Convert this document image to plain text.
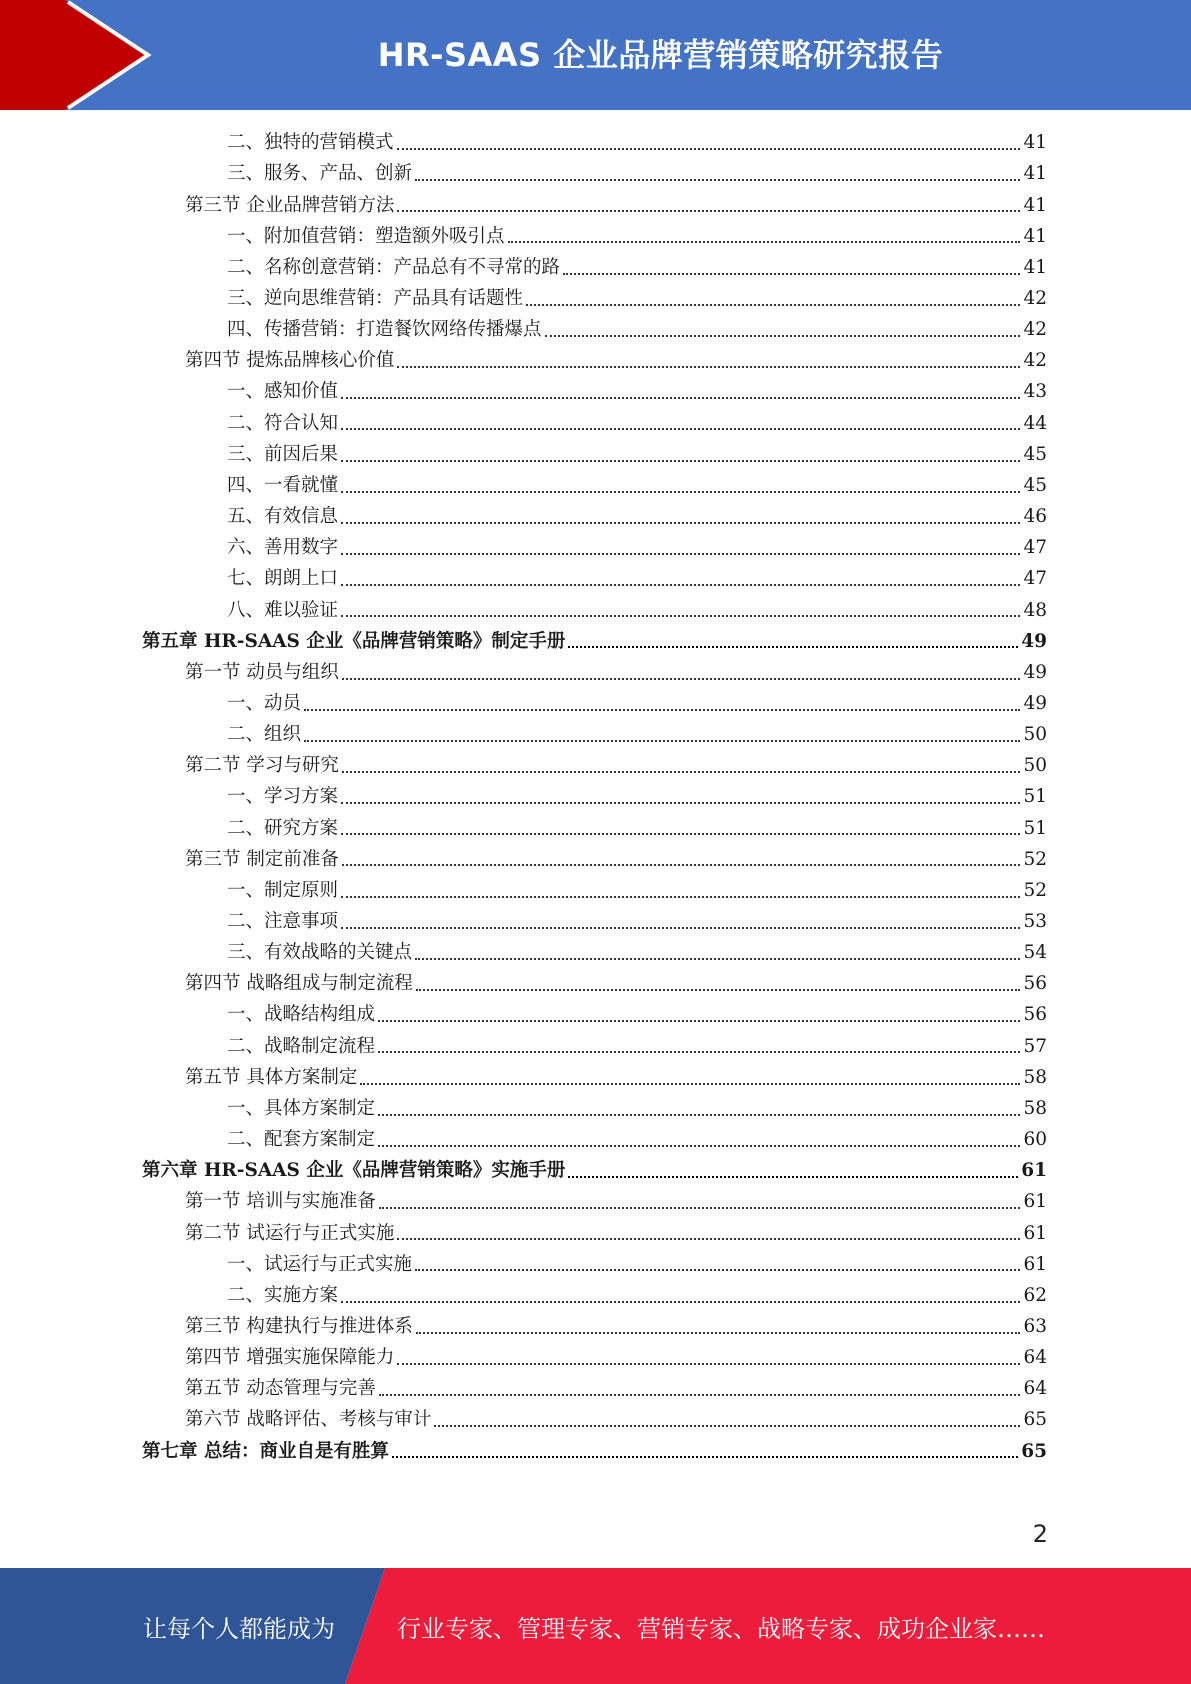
HR-SAAS 企业品牌营销策略研究报告
二、独特的营销模式	41
三、服务、产品、创新	41
第三节 企业品牌营销方法	41
一、附加值营销：塑造额外吸引点	41
二、名称创意营销：产品总有不寻常的路	41
三、逆向思维营销：产品具有话题性	42
四、传播营销：打造餐饮网络传播爆点	42
第四节 提炼品牌核心价值	42
一、感知价值	43
二、符合认知	44
三、前因后果	45
四、一看就懂	45
五、有效信息	46
六、善用数字	47
七、朗朗上口	47
八、难以验证	48
第五章 HR-SAAS 企业《品牌营销策略》制定手册	49
第一节 动员与组织	49
一、动员	49
二、组织	50
第二节 学习与研究	50
一、学习方案	51
二、研究方案	51
第三节 制定前准备	52
一、制定原则	52
二、注意事项	53
三、有效战略的关键点	54
第四节 战略组成与制定流程	56
一、战略结构组成	56
二、战略制定流程	57
第五节 具体方案制定	58
一、具体方案制定	58
二、配套方案制定	60
第六章 HR-SAAS 企业《品牌营销策略》实施手册	61
第一节 培训与实施准备	61
第二节 试运行与正式实施	61
一、试运行与正式实施	61
二、实施方案	62
第三节 构建执行与推进体系	63
第四节 增强实施保障能力	64
第五节 动态管理与完善	64
第六节 战略评估、考核与审计	65
第七章 总结：商业自是有胜算	65
2
让每个人都能成为	行业专家、管理专家、营销专家、战略专家、成功企业家……
